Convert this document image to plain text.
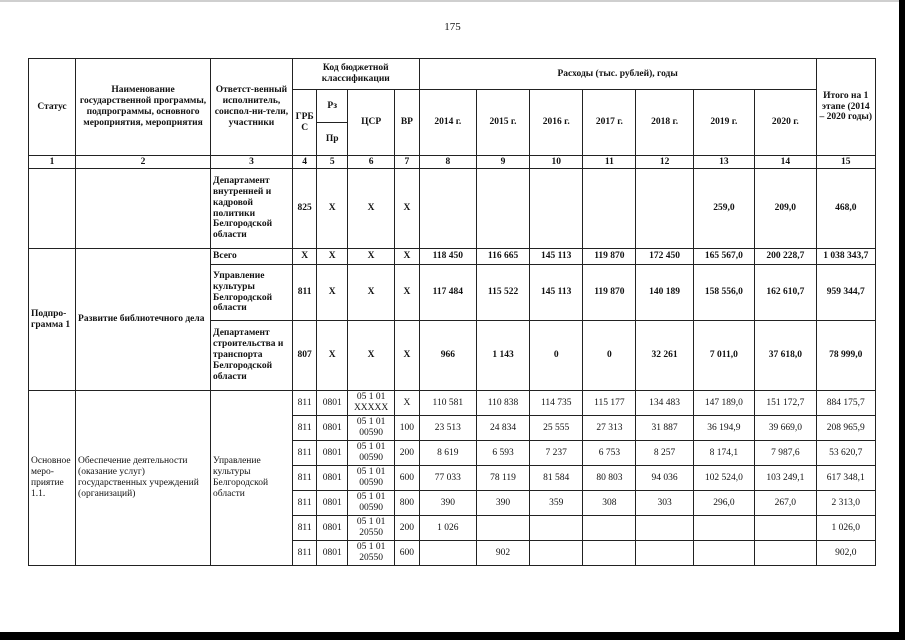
175
Статус	Наименование государственной программы, подпрограммы, основного мероприятия, мероприятия	Ответст-венный исполнитель, соиспол-ни-тели, участники	Код бюджетной классификации				Расходы (тыс. рублей), годы							Итого на 1 этапе (2014 – 2020 годы)
			ГРБ С	Рз	ЦСР	ВР	2014 г.	2015 г.	2016 г.	2017 г.	2018 г.	2019 г.	2020 г.	
				Пр										
1	2	3	4	5	6	7	8	9	10	11	12	13	14	15
		Департамент внутренней и кадровой политики Белгородской области	825	Х	Х	Х						259,0	209,0	468,0
Подпро-грамма 1	Развитие библиотечного дела	Всего	Х	Х	Х	Х	118 450	116 665	145 113	119 870	172 450	165 567,0	200 228,7	1 038 343,7
		Управление культуры Белгородской области	811	Х	Х	Х	117 484	115 522	145 113	119 870	140 189	158 556,0	162 610,7	959 344,7
		Департамент строительства и транспорта Белгородской области	807	Х	Х	Х	966	1 143	0	0	32 261	7 011,0	37 618,0	78 999,0
Основное меро-приятие 1.1.	Обеспечение деятельности (оказание услуг) государственных учреждений (организаций)	Управление культуры Белгородской области	811	0801	05 1 01 XXXXX	Х	110 581	110 838	114 735	115 177	134 483	147 189,0	151 172,7	884 175,7
			811	0801	05 1 01 00590	100	23 513	24 834	25 555	27 313	31 887	36 194,9	39 669,0	208 965,9
			811	0801	05 1 01 00590	200	8 619	6 593	7 237	6 753	8 257	8 174,1	7 987,6	53 620,7
			811	0801	05 1 01 00590	600	77 033	78 119	81 584	80 803	94 036	102 524,0	103 249,1	617 348,1
			811	0801	05 1 01 00590	800	390	390	359	308	303	296,0	267,0	2 313,0
			811	0801	05 1 01 20550	200	1 026							1 026,0
			811	0801	05 1 01 20550	600		902						902,0
